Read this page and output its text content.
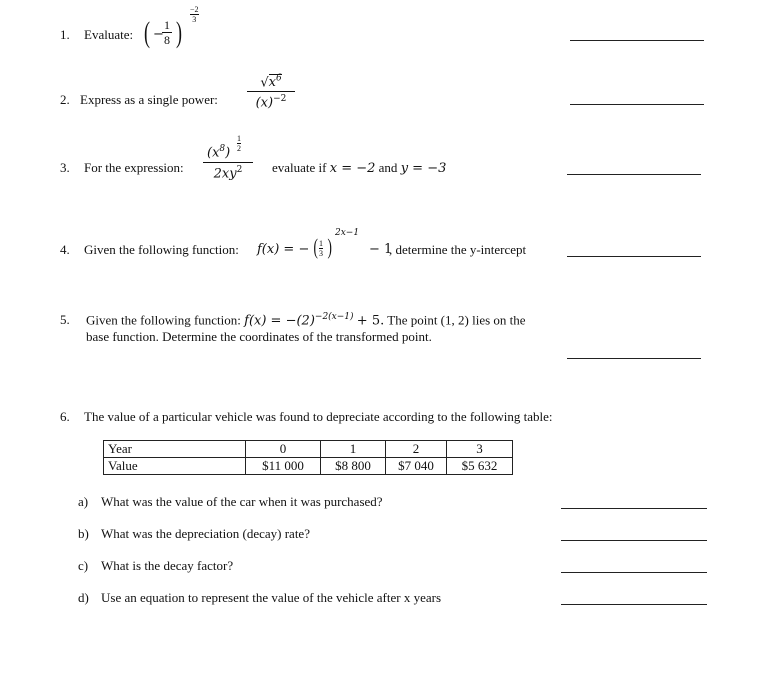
1. Evaluate: ( −
$\frac{1}{8}$ )
$\frac{-2}{3}$
2. Express as a single power: $\frac{√x^6}{(x)^{-2}}$
3. For the expression: $(x^8)$
1
2
$2xy^2$ evaluate if x = −2 and y = −3
4. Given the following function: f(x) = − ( 1
3 )
2x−1
− 1
, determine the y-intercept
5. Given the following function: $f(x) = -(2)^{-2(x-1)} + 5$. The point (1, 2) lies on the
base function. Determine the coordinates of the transformed point.
6. The value of a particular vehicle was found to depreciate according to the following table:
Year	0	1	2	3
Value	$11 000	$8 800	$7 040	$5 632
a) What was the value of the car when it was purchased?
b) What was the depreciation (decay) rate?
c) What is the decay factor?
d) Use an equation to represent the value of the vehicle after x years
